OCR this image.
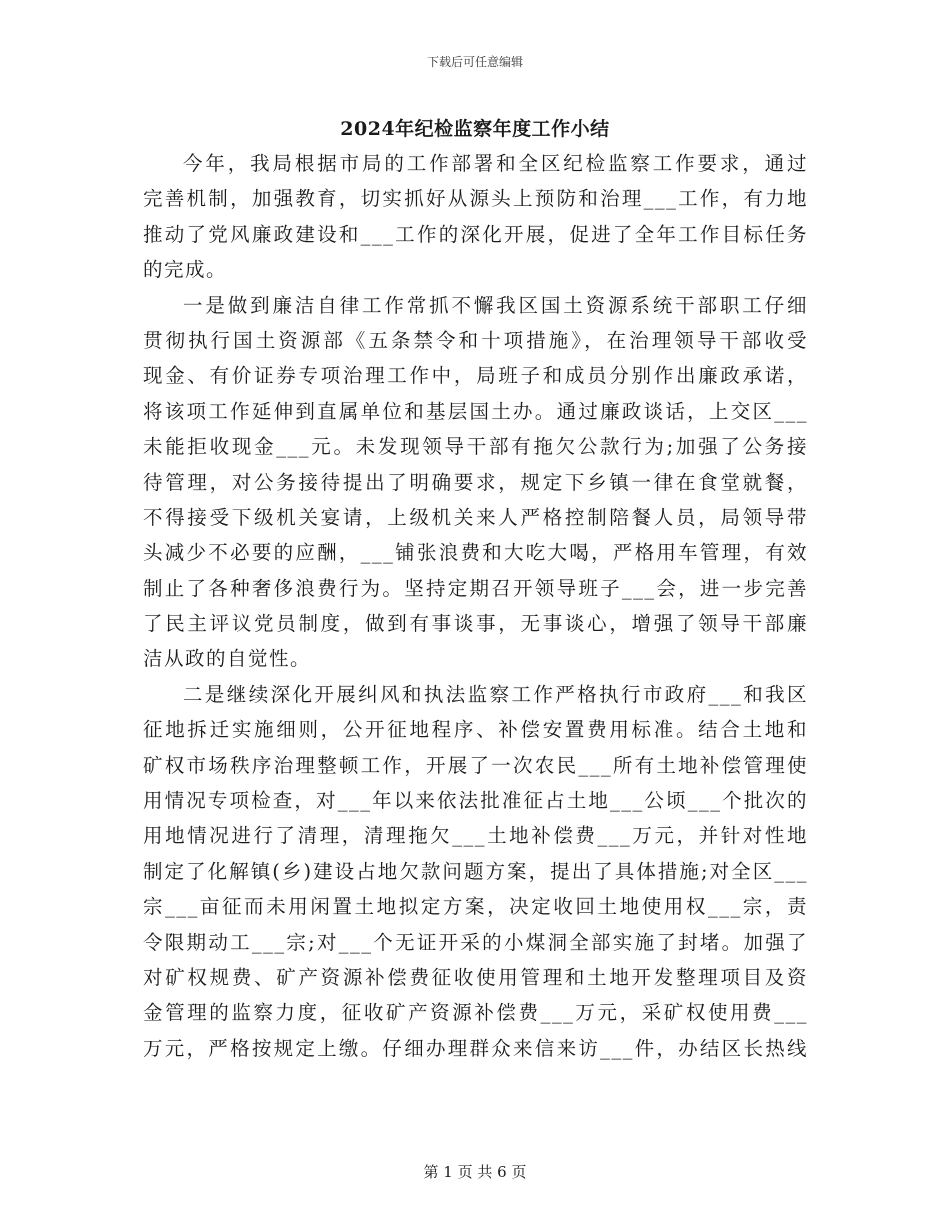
下载后可任意编辑
2024年纪检监察年度工作小结
今年，我局根据市局的工作部署和全区纪检监察工作要求，通过
完善机制，加强教育，切实抓好从源头上预防和治理___工作，有力地
推动了党风廉政建设和___工作的深化开展，促进了全年工作目标任务
的完成。
一是做到廉洁自律工作常抓不懈我区国土资源系统干部职工仔细
贯彻执行国土资源部《五条禁令和十项措施》，在治理领导干部收受
现金、有价证券专项治理工作中，局班子和成员分别作出廉政承诺，
将该项工作延伸到直属单位和基层国土办。通过廉政谈话，上交区___
未能拒收现金___元。未发现领导干部有拖欠公款行为;加强了公务接
待管理，对公务接待提出了明确要求，规定下乡镇一律在食堂就餐，
不得接受下级机关宴请，上级机关来人严格控制陪餐人员，局领导带
头减少不必要的应酬，___铺张浪费和大吃大喝，严格用车管理，有效
制止了各种奢侈浪费行为。坚持定期召开领导班子___会，进一步完善
了民主评议党员制度，做到有事谈事，无事谈心，增强了领导干部廉
洁从政的自觉性。
二是继续深化开展纠风和执法监察工作严格执行市政府___和我区
征地拆迁实施细则，公开征地程序、补偿安置费用标准。结合土地和
矿权市场秩序治理整顿工作，开展了一次农民___所有土地补偿管理使
用情况专项检查，对___年以来依法批准征占土地___公顷___个批次的
用地情况进行了清理，清理拖欠___土地补偿费___万元，并针对性地
制定了化解镇(乡)建设占地欠款问题方案，提出了具体措施;对全区___
宗___亩征而未用闲置土地拟定方案，决定收回土地使用权___宗，责
令限期动工___宗;对___个无证开采的小煤洞全部实施了封堵。加强了
对矿权规费、矿产资源补偿费征收使用管理和土地开发整理项目及资
金管理的监察力度，征收矿产资源补偿费___万元，采矿权使用费___
万元，严格按规定上缴。仔细办理群众来信来访___件，办结区长热线
第 1 页 共 6 页
